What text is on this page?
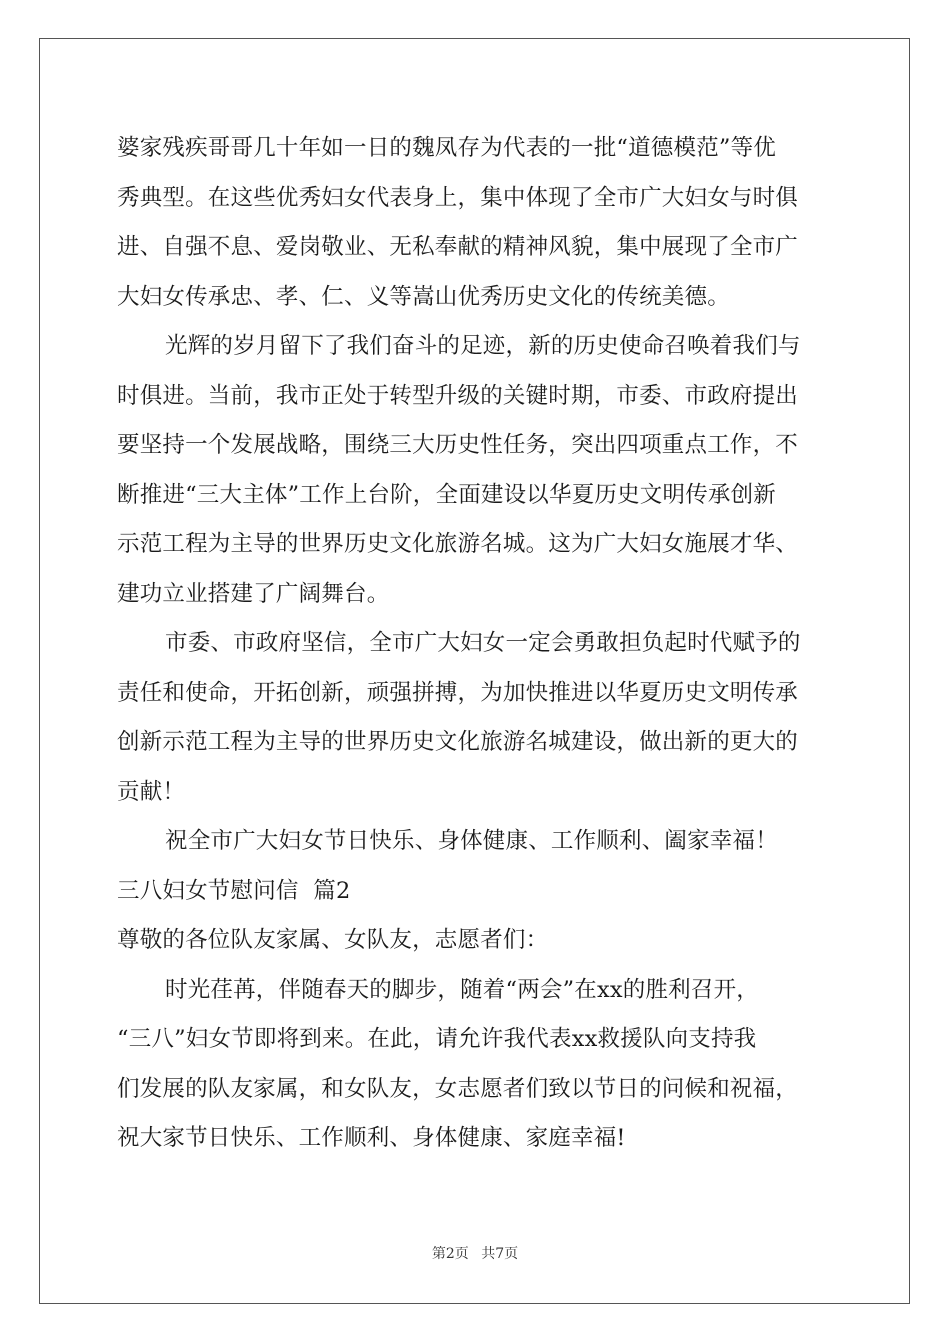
婆家残疾哥哥几十年如一日的魏凤存为代表的一批“道德模范”等优
秀典型。在这些优秀妇女代表身上，集中体现了全市广大妇女与时俱
进、自强不息、爱岗敬业、无私奉献的精神风貌，集中展现了全市广
大妇女传承忠、孝、仁、义等嵩山优秀历史文化的传统美德。
光辉的岁月留下了我们奋斗的足迹，新的历史使命召唤着我们与
时俱进。当前，我市正处于转型升级的关键时期，市委、市政府提出
要坚持一个发展战略，围绕三大历史性任务，突出四项重点工作，不
断推进“三大主体”工作上台阶，全面建设以华夏历史文明传承创新
示范工程为主导的世界历史文化旅游名城。这为广大妇女施展才华、
建功立业搭建了广阔舞台。
市委、市政府坚信，全市广大妇女一定会勇敢担负起时代赋予的
责任和使命，开拓创新，顽强拼搏，为加快推进以华夏历史文明传承
创新示范工程为主导的世界历史文化旅游名城建设，做出新的更大的
贡献！
祝全市广大妇女节日快乐、身体健康、工作顺利、阖家幸福！
三八妇女节慰问信  篇2
尊敬的各位队友家属、女队友，志愿者们：
时光荏苒，伴随春天的脚步，随着“两会”在xx的胜利召开，
“三八”妇女节即将到来。在此，请允许我代表xx救援队向支持我
们发展的队友家属，和女队友，女志愿者们致以节日的问候和祝福，
祝大家节日快乐、工作顺利、身体健康、家庭幸福!
第2页 共7页
